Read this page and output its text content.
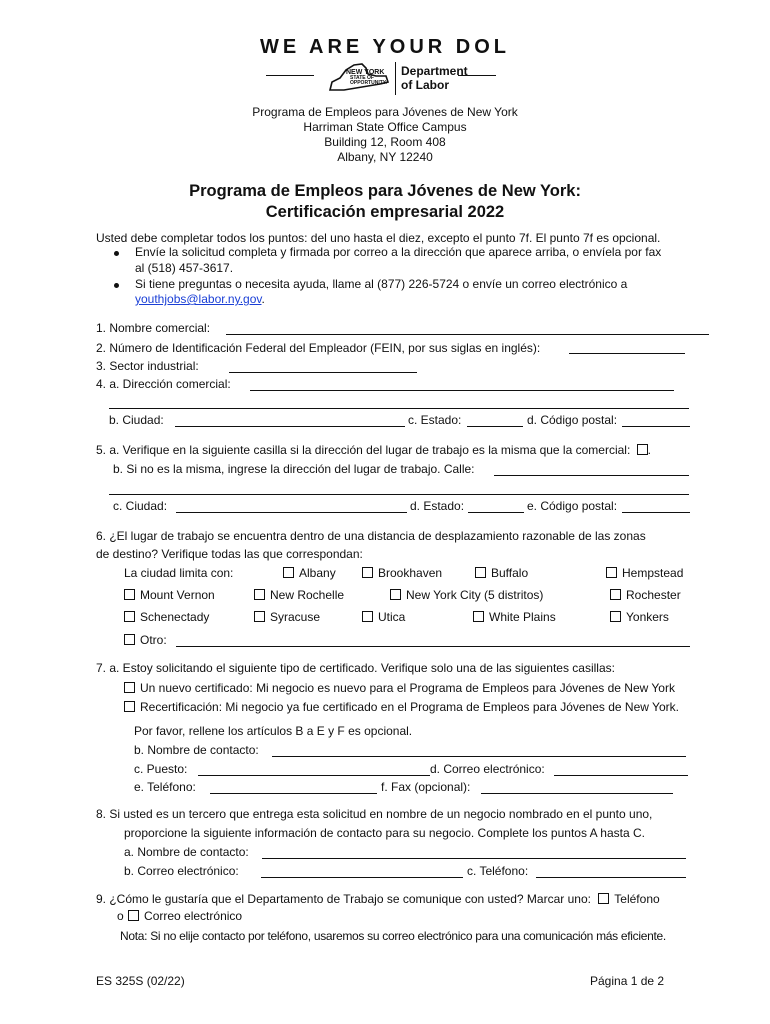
WE ARE YOUR DOL
NEW YORK
STATE OF
OPPORTUNITY.
Department
of Labor
Programa de Empleos para Jóvenes de New York
Harriman State Office Campus
Building 12, Room 408
Albany, NY 12240
Programa de Empleos para Jóvenes de New York:
Certificación empresarial 2022
Usted debe completar todos los puntos: del uno hasta el diez, excepto el punto 7f. El punto 7f es opcional.
Envíe la solicitud completa y firmada por correo a la dirección que aparece arriba, o envíela por fax
al (518) 457-3617.
Si tiene preguntas o necesita ayuda, llame al (877) 226-5724 o envíe un correo electrónico a
youthjobs@labor.ny.gov.
1. Nombre comercial:
2. Número de Identificación Federal del Empleador (FEIN, por sus siglas en inglés):
3. Sector industrial:
4. a. Dirección comercial:
b. Ciudad:	c. Estado:	d. Código postal:
5. a. Verifique en la siguiente casilla si la dirección del lugar de trabajo es la misma que la comercial: .
b. Si no es la misma, ingrese la dirección del lugar de trabajo. Calle:
c. Ciudad:	d. Estado:	e. Código postal:
6. ¿El lugar de trabajo se encuentra dentro de una distancia de desplazamiento razonable de las zonas
de destino? Verifique todas las que correspondan:
La ciudad limita con:	Albany	Brookhaven	Buffalo	Hempstead
Mount Vernon	New Rochelle	New York City (5 distritos)	Rochester
Schenectady	Syracuse	Utica	White Plains	Yonkers
Otro:
7. a. Estoy solicitando el siguiente tipo de certificado. Verifique solo una de las siguientes casillas:
Un nuevo certificado: Mi negocio es nuevo para el Programa de Empleos para Jóvenes de New York
Recertificación: Mi negocio ya fue certificado en el Programa de Empleos para Jóvenes de New York.
Por favor, rellene los artículos B a E y F es opcional.
b. Nombre de contacto:
c. Puesto:	d. Correo electrónico:
e. Teléfono:	f. Fax (opcional):
8. Si usted es un tercero que entrega esta solicitud en nombre de un negocio nombrado en el punto uno,
proporcione la siguiente información de contacto para su negocio. Complete los puntos A hasta C.
a. Nombre de contacto:
b. Correo electrónico:	c. Teléfono:
9. ¿Cómo le gustaría que el Departamento de Trabajo se comunique con usted? Marcar uno: Teléfono
o Correo electrónico
Nota: Si no elije contacto por teléfono, usaremos su correo electrónico para una comunicación más eficiente.
ES 325S (02/22)	Página 1 de 2
